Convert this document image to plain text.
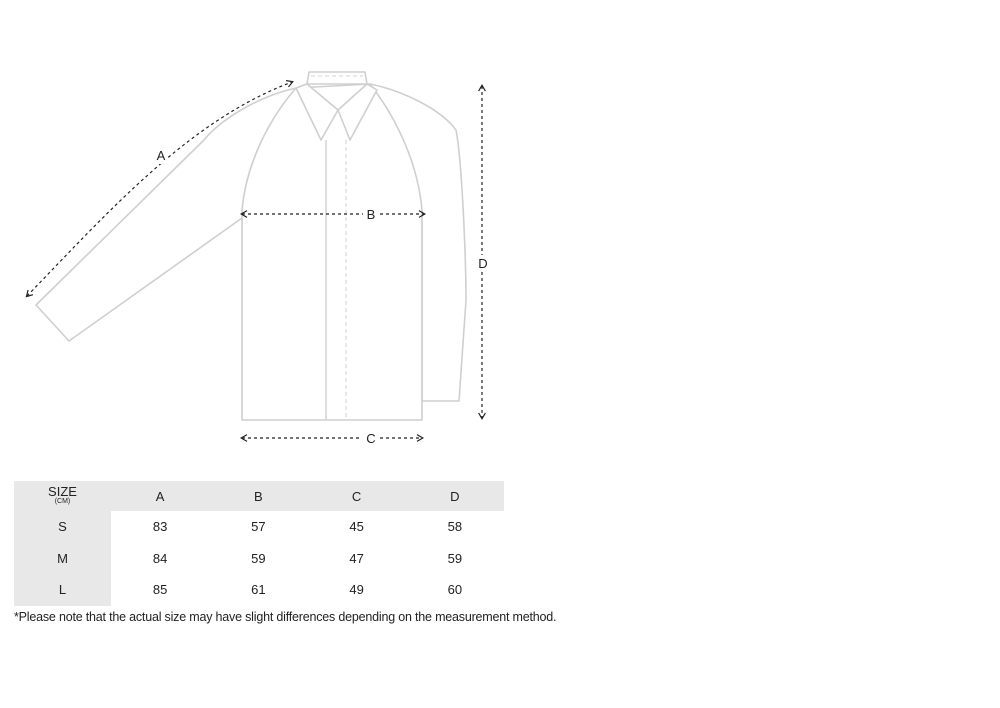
A
B
C
D
SIZE
(CM)	A	B	C	D
S	83	57	45	58
M	84	59	47	59
L	85	61	49	60
*Please note that the actual size may have slight differences depending on the measurement method.
